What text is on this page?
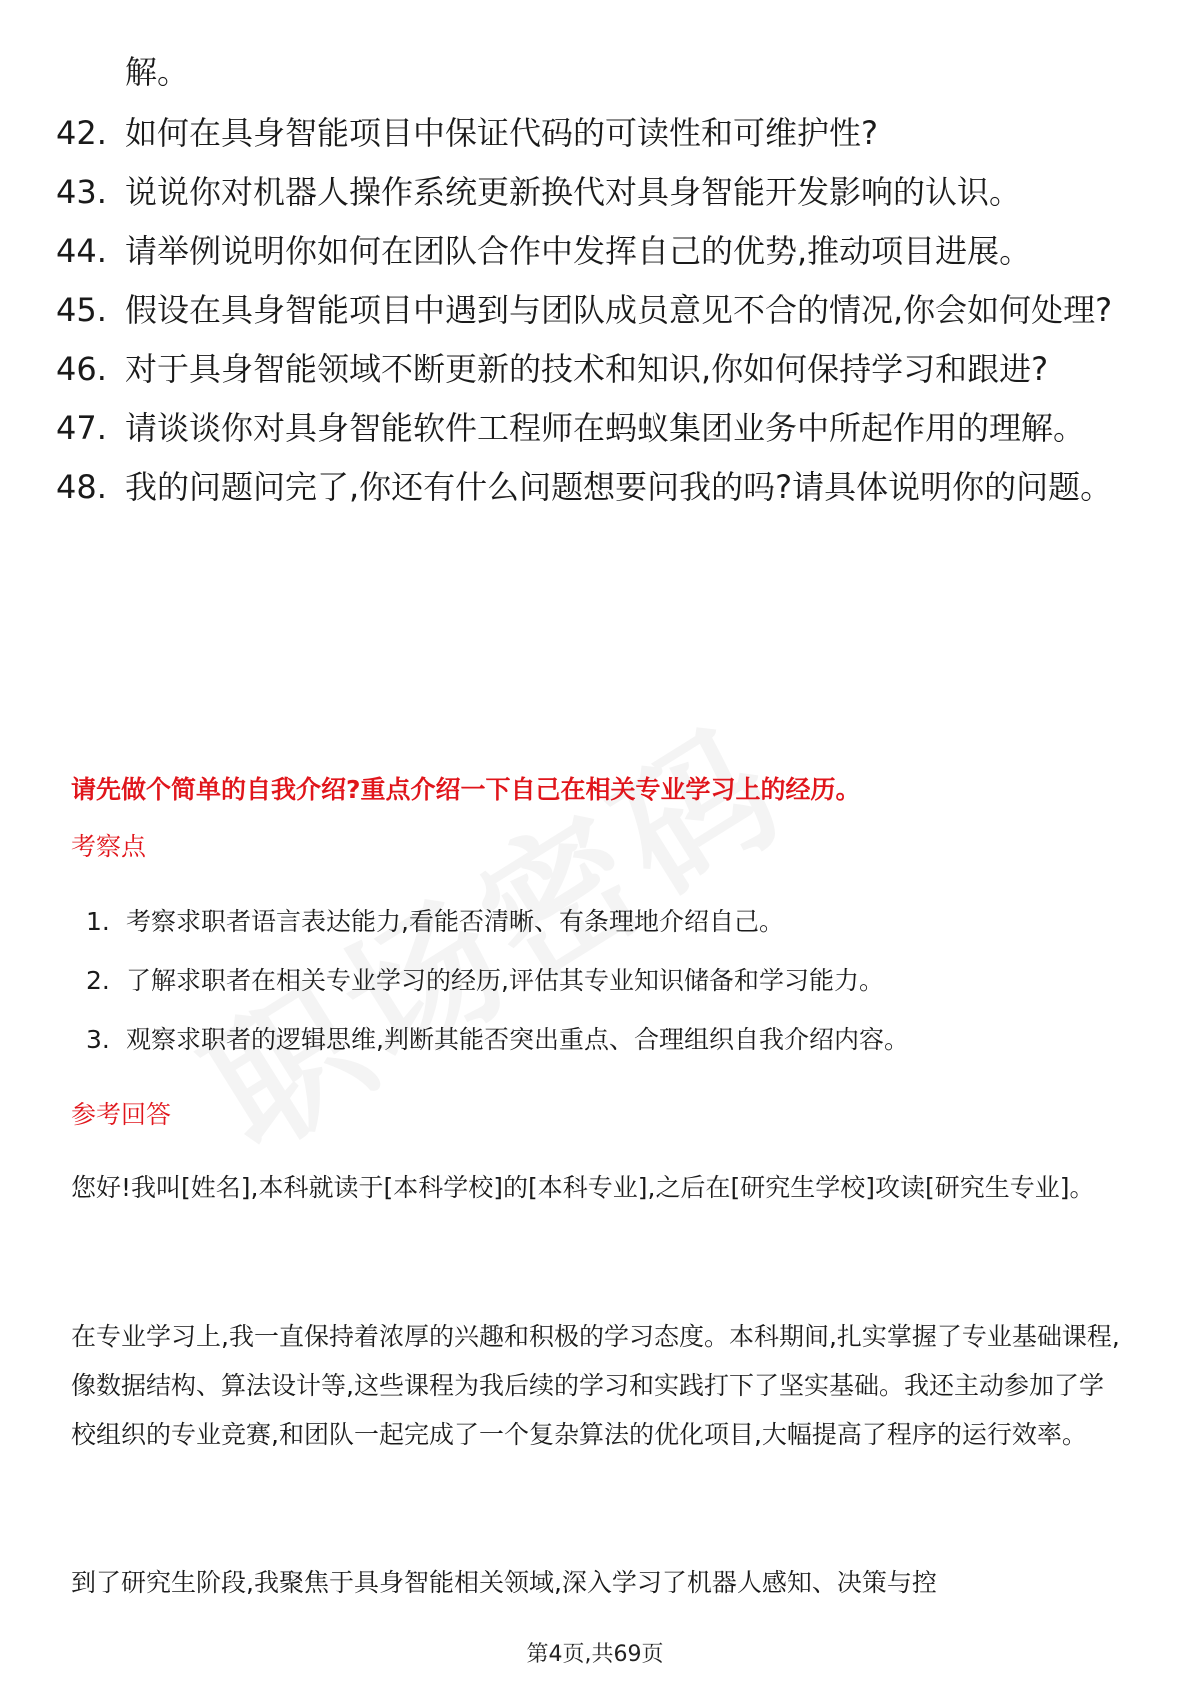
解。
42. 如何在具身智能项目中保证代码的可读性和可维护性?
43. 说说你对机器人操作系统更新换代对具身智能开发影响的认识。
44. 请举例说明你如何在团队合作中发挥自己的优势,推动项目进展。
45. 假设在具身智能项目中遇到与团队成员意见不合的情况,你会如何处理?
46. 对于具身智能领域不断更新的技术和知识,你如何保持学习和跟进?
47. 请谈谈你对具身智能软件工程师在蚂蚁集团业务中所起作用的理解。
48. 我的问题问完了,你还有什么问题想要问我的吗?请具体说明你的问题。
请先做个简单的自我介绍?重点介绍一下自己在相关专业学习上的经历。
考察点
1. 考察求职者语言表达能力,看能否清晰、有条理地介绍自己。
2. 了解求职者在相关专业学习的经历,评估其专业知识储备和学习能力。
3. 观察求职者的逻辑思维,判断其能否突出重点、合理组织自我介绍内容。
参考回答

您好!我叫[姓名],本科就读于[本科学校]的[本科专业],之后在[研究生学校]攻读[研究生专业]。

在专业学习上,我一直保持着浓厚的兴趣和积极的学习态度。本科期间,扎实掌握了专业基础课程,像数据结构、算法设计等,这些课程为我后续的学习和实践打下了坚实基础。我还主动参加了学校组织的专业竞赛,和团队一起完成了一个复杂算法的优化项目,大幅提高了程序的运行效率。

到了研究生阶段,我聚焦于具身智能相关领域,深入学习了机器人感知、决策与控

第4页,共69页
